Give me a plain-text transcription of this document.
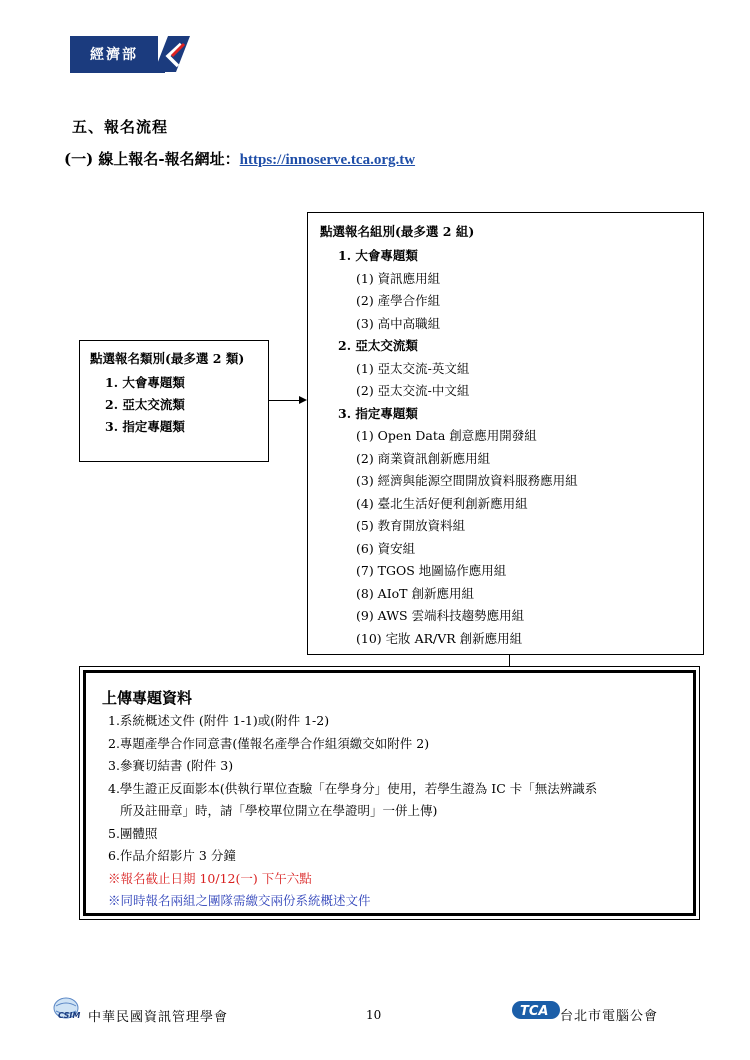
經濟部
五、報名流程
(一) 線上報名-報名網址：https://innoserve.tca.org.tw
點選報名類別(最多選 2 類)
1. 大會專題類
2. 亞太交流類
3. 指定專題類
點選報名組別(最多選 2 組)
1. 大會專題類
(1) 資訊應用組
(2) 產學合作組
(3) 高中高職組
2. 亞太交流類
(1) 亞太交流-英文組
(2) 亞太交流-中文組
3. 指定專題類
(1) Open Data 創意應用開發組
(2) 商業資訊創新應用組
(3) 經濟與能源空間開放資料服務應用組
(4) 臺北生活好便利創新應用組
(5) 教育開放資料組
(6) 資安組
(7) TGOS 地圖協作應用組
(8) AIoT 創新應用組
(9) AWS 雲端科技趨勢應用組
(10) 宅妝 AR/VR 創新應用組
上傳專題資料
1.系統概述文件 (附件 1-1)或(附件 1-2)
2.專題產學合作同意書(僅報名產學合作組須繳交如附件 2)
3.參賽切結書 (附件 3)
4.學生證正反面影本(供執行單位查驗「在學身分」使用，若學生證為 IC 卡「無法辨識系
所及註冊章」時，請「學校單位開立在學證明」一併上傳)
5.團體照
6.作品介紹影片 3 分鐘
※報名截止日期 10/12(一) 下午六點
※同時報名兩組之團隊需繳交兩份系統概述文件
CSIM 中華民國資訊管理學會	10	TCA 台北市電腦公會
